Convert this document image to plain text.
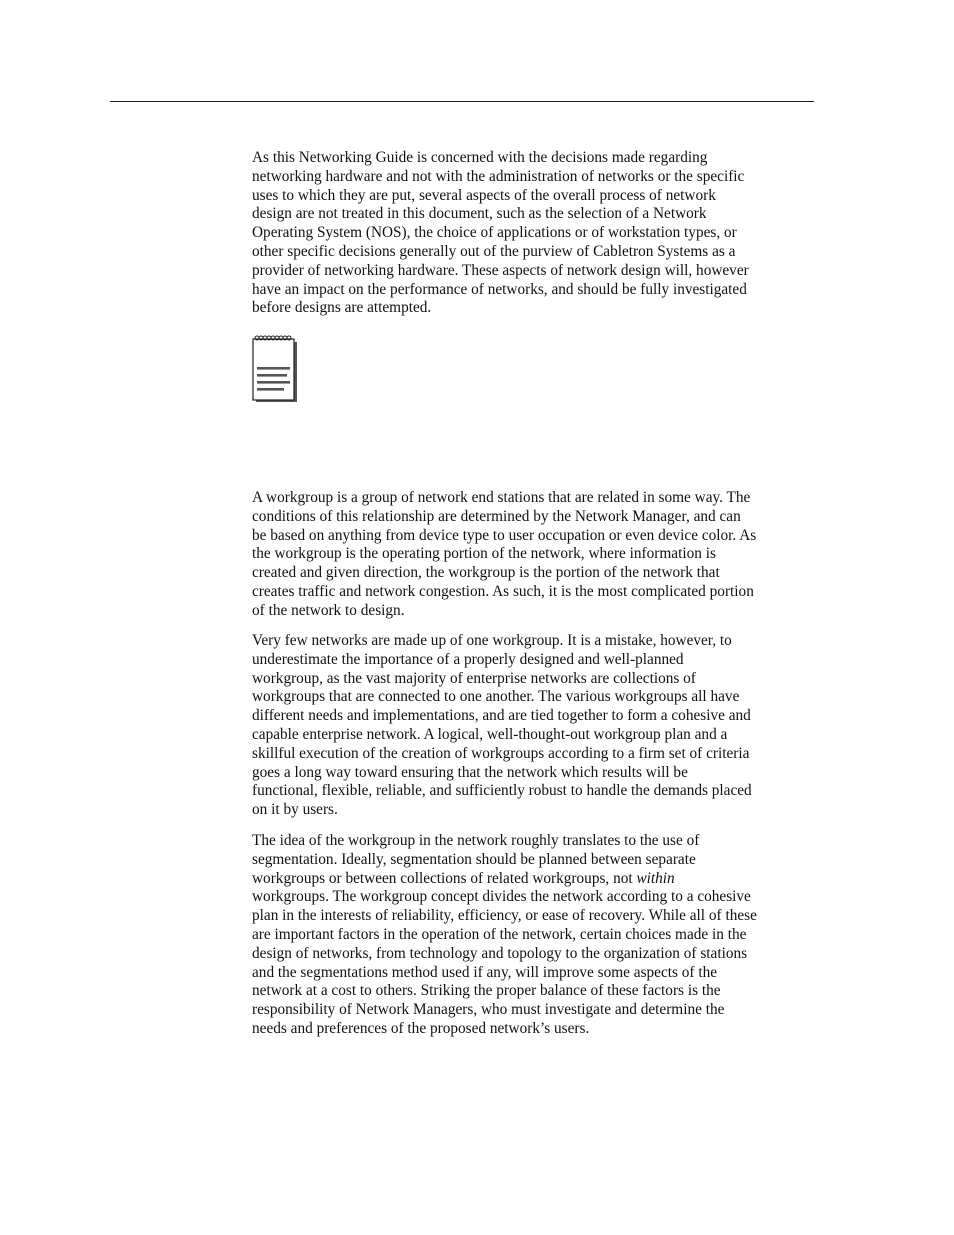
As this Networking Guide is concerned with the decisions made regarding
networking hardware and not with the administration of networks or the specific
uses to which they are put, several aspects of the overall process of network
design are not treated in this document, such as the selection of a Network
Operating System (NOS), the choice of applications or of workstation types, or
other specific decisions generally out of the purview of Cabletron Systems as a
provider of networking hardware. These aspects of network design will, however
have an impact on the performance of networks, and should be fully investigated
before designs are attempted.

A workgroup is a group of network end stations that are related in some way. The
conditions of this relationship are determined by the Network Manager, and can
be based on anything from device type to user occupation or even device color. As
the workgroup is the operating portion of the network, where information is
created and given direction, the workgroup is the portion of the network that
creates traffic and network congestion. As such, it is the most complicated portion
of the network to design.

Very few networks are made up of one workgroup. It is a mistake, however, to
underestimate the importance of a properly designed and well-planned
workgroup, as the vast majority of enterprise networks are collections of
workgroups that are connected to one another. The various workgroups all have
different needs and implementations, and are tied together to form a cohesive and
capable enterprise network. A logical, well-thought-out workgroup plan and a
skillful execution of the creation of workgroups according to a firm set of criteria
goes a long way toward ensuring that the network which results will be
functional, flexible, reliable, and sufficiently robust to handle the demands placed
on it by users.

The idea of the workgroup in the network roughly translates to the use of
segmentation. Ideally, segmentation should be planned between separate
workgroups or between collections of related workgroups, not within
workgroups. The workgroup concept divides the network according to a cohesive
plan in the interests of reliability, efficiency, or ease of recovery. While all of these
are important factors in the operation of the network, certain choices made in the
design of networks, from technology and topology to the organization of stations
and the segmentations method used if any, will improve some aspects of the
network at a cost to others. Striking the proper balance of these factors is the
responsibility of Network Managers, who must investigate and determine the
needs and preferences of the proposed network’s users.
